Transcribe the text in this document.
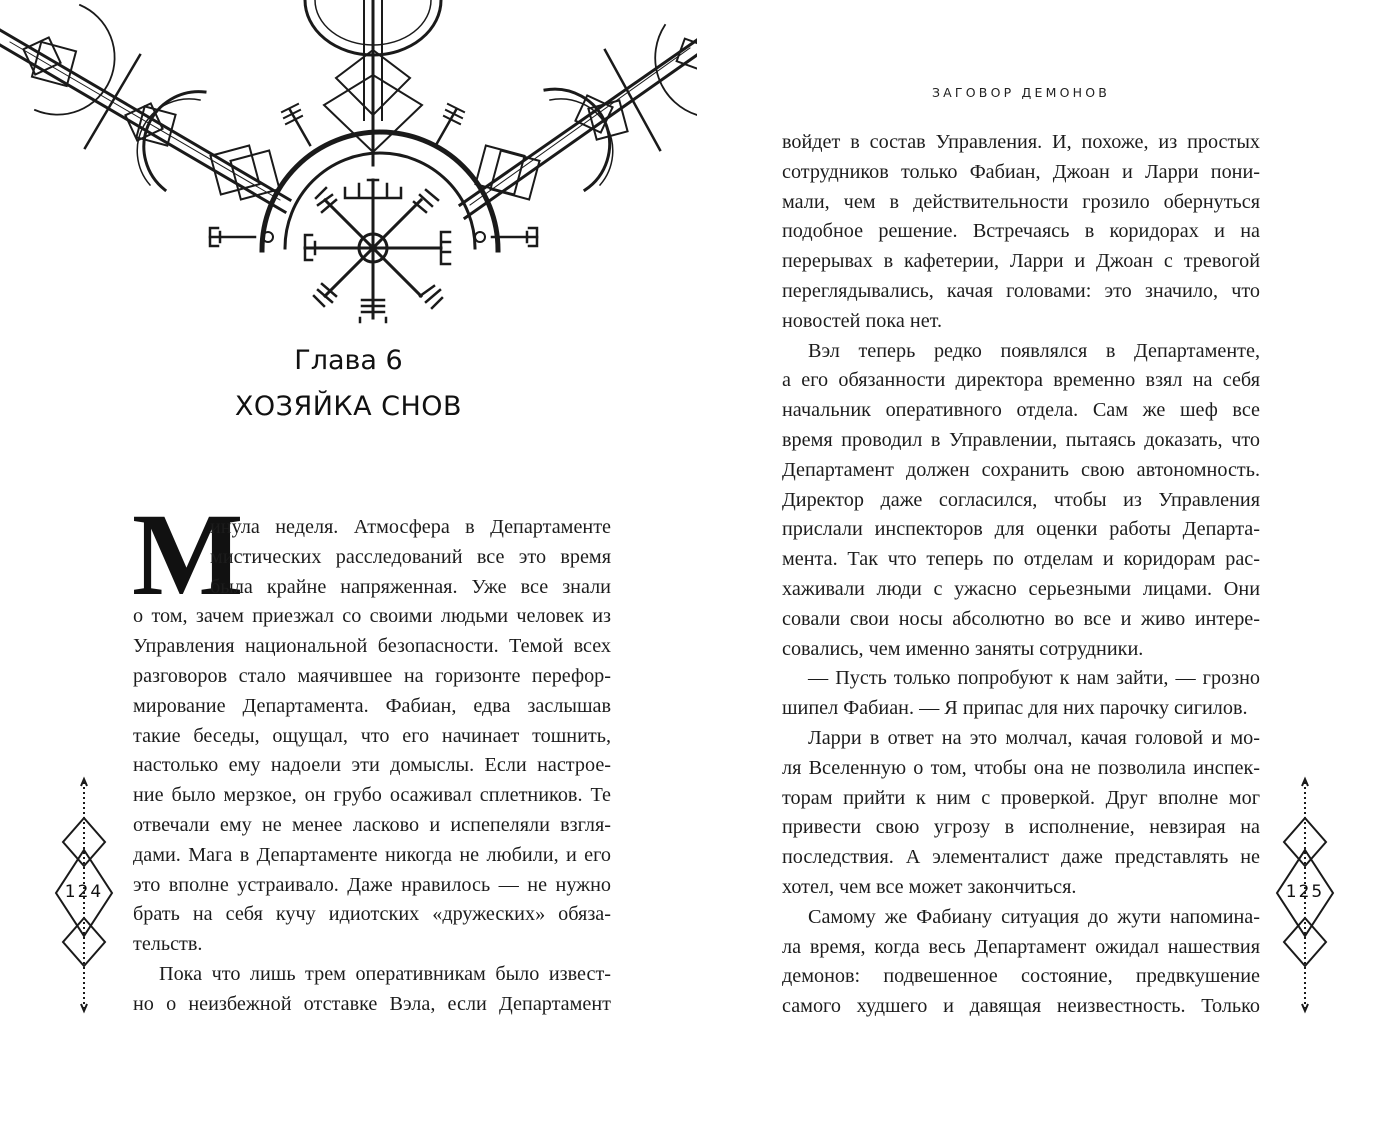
Глава 6
ХОЗЯЙКА СНОВ
М
инула неделя. Атмосфера в Департаменте
мистических расследований все это время
была крайне напряженная. Уже все знали
о том, зачем приезжал со своими людьми человек из
Управления национальной безопасности. Темой всех
разговоров стало маячившее на горизонте перефор-
мирование Департамента. Фабиан, едва заслышав
такие беседы, ощущал, что его начинает тошнить,
настолько ему надоели эти домыслы. Если настрое-
ние было мерзкое, он грубо осаживал сплетников. Те
отвечали ему не менее ласково и испепеляли взгля-
дами. Мага в Департаменте никогда не любили, и его
это вполне устраивало. Даже нравилось — не нужно
брать на себя кучу идиотских «дружеских» обяза-
тельств.
Пока что лишь трем оперативникам было извест-
но о неизбежной отставке Вэла, если Департамент
124
ЗАГОВОР ДЕМОНОВ
войдет в состав Управления. И, похоже, из простых
сотрудников только Фабиан, Джоан и Ларри пони-
мали, чем в действительности грозило обернуться
подобное решение. Встречаясь в коридорах и на
перерывах в кафетерии, Ларри и Джоан с тревогой
переглядывались, качая головами: это значило, что
новостей пока нет.
Вэл теперь редко появлялся в Департаменте,
а его обязанности директора временно взял на себя
начальник оперативного отдела. Сам же шеф все
время проводил в Управлении, пытаясь доказать, что
Департамент должен сохранить свою автономность.
Директор даже согласился, чтобы из Управления
прислали инспекторов для оценки работы Департа-
мента. Так что теперь по отделам и коридорам рас-
хаживали люди с ужасно серьезными лицами. Они
совали свои носы абсолютно во все и живо интере-
совались, чем именно заняты сотрудники.
— Пусть только попробуют к нам зайти, — грозно
шипел Фабиан. — Я припас для них парочку сигилов.
Ларри в ответ на это молчал, качая головой и мо-
ля Вселенную о том, чтобы она не позволила инспек-
торам прийти к ним с проверкой. Друг вполне мог
привести свою угрозу в исполнение, невзирая на
последствия. А элементалист даже представлять не
хотел, чем все может закончиться.
Самому же Фабиану ситуация до жути напомина-
ла время, когда весь Департамент ожидал нашествия
демонов: подвешенное состояние, предвкушение
самого худшего и давящая неизвестность. Только
125
